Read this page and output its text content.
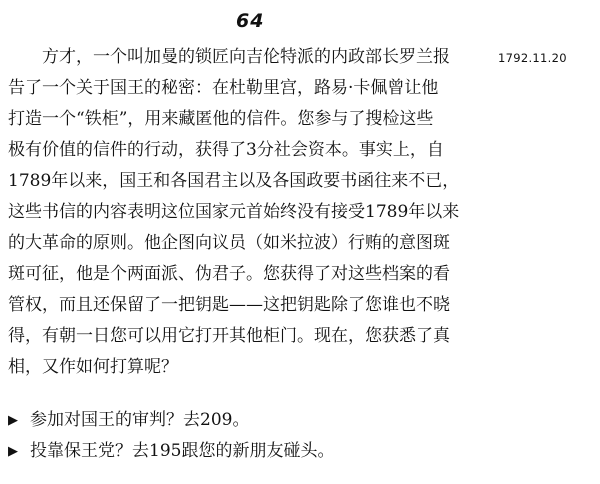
64
1792.11.20
　　方才，一个叫加曼的锁匠向吉伦特派的内政部长罗兰报
告了一个关于国王的秘密：在杜勒里宫，路易·卡佩曾让他
打造一个“铁柜”，用来藏匿他的信件。您参与了搜检这些
极有价值的信件的行动，获得了3分社会资本。事实上，自
1789年以来，国王和各国君主以及各国政要书函往来不已，
这些书信的内容表明这位国家元首始终没有接受1789年以来
的大革命的原则。他企图向议员（如米拉波）行贿的意图斑
斑可征，他是个两面派、伪君子。您获得了对这些档案的看
管权，而且还保留了一把钥匙——这把钥匙除了您谁也不晓
得，有朝一日您可以用它打开其他柜门。现在，您获悉了真
相，又作如何打算呢？
▶ 参加对国王的审判？去209。
▶ 投靠保王党？去195跟您的新朋友碰头。
